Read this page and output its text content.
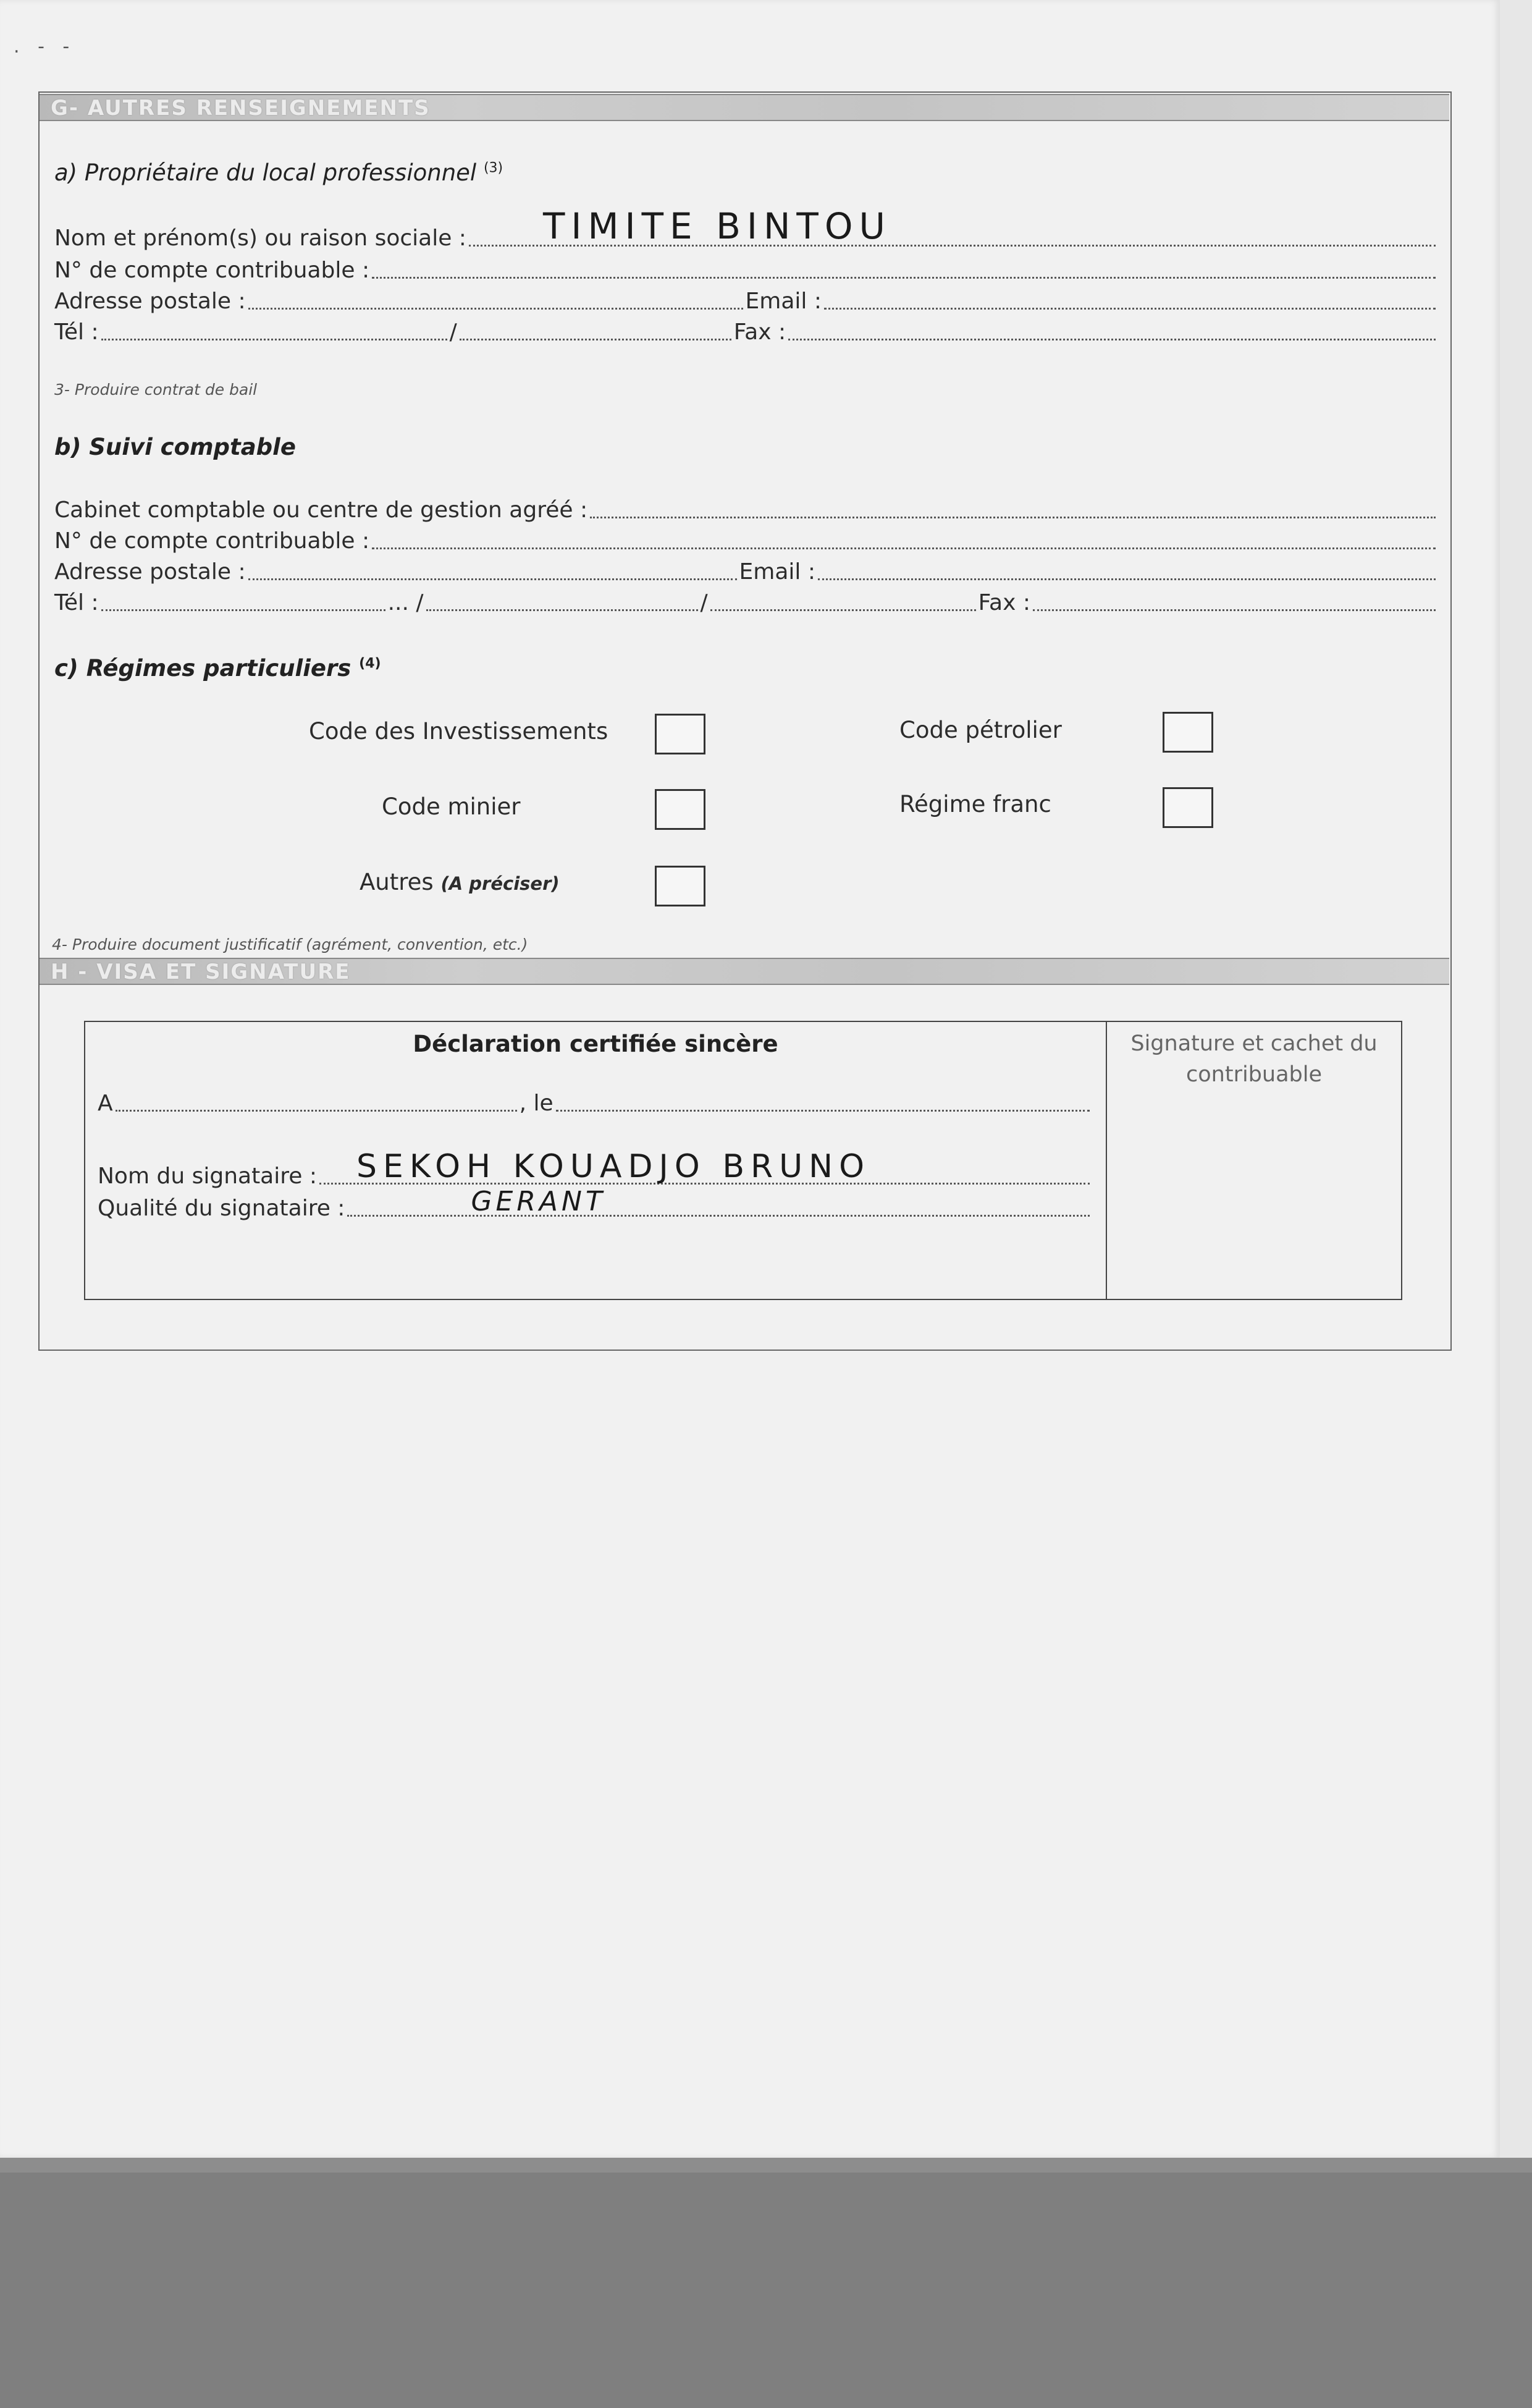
. - -
G- AUTRES RENSEIGNEMENTS
a) Propriétaire du local professionnel $^{(3)}$
Nom et prénom(s) ou raison sociale : TIMITE BINTOU
N° de compte contribuable :
Adresse postale :	Email :
Tél :	/	Fax :
3- Produire contrat de bail
b) Suivi comptable
Cabinet comptable ou centre de gestion agréé :
N° de compte contribuable :
Adresse postale :	Email :
Tél :	... /	/	Fax :
c) Régimes particuliers $^{(4)}$
Code des Investissements	Code pétrolier
Code minier	Régime franc
Autres (A préciser)
4- Produire document justificatif (agrément, convention, etc.)
H - VISA ET SIGNATURE
Déclaration certifiée sincère
A	, le
Nom du signataire : SEKOH KOUADJO BRUNO
Qualité du signataire :	GERANT
Signature et cachet du contribuable
